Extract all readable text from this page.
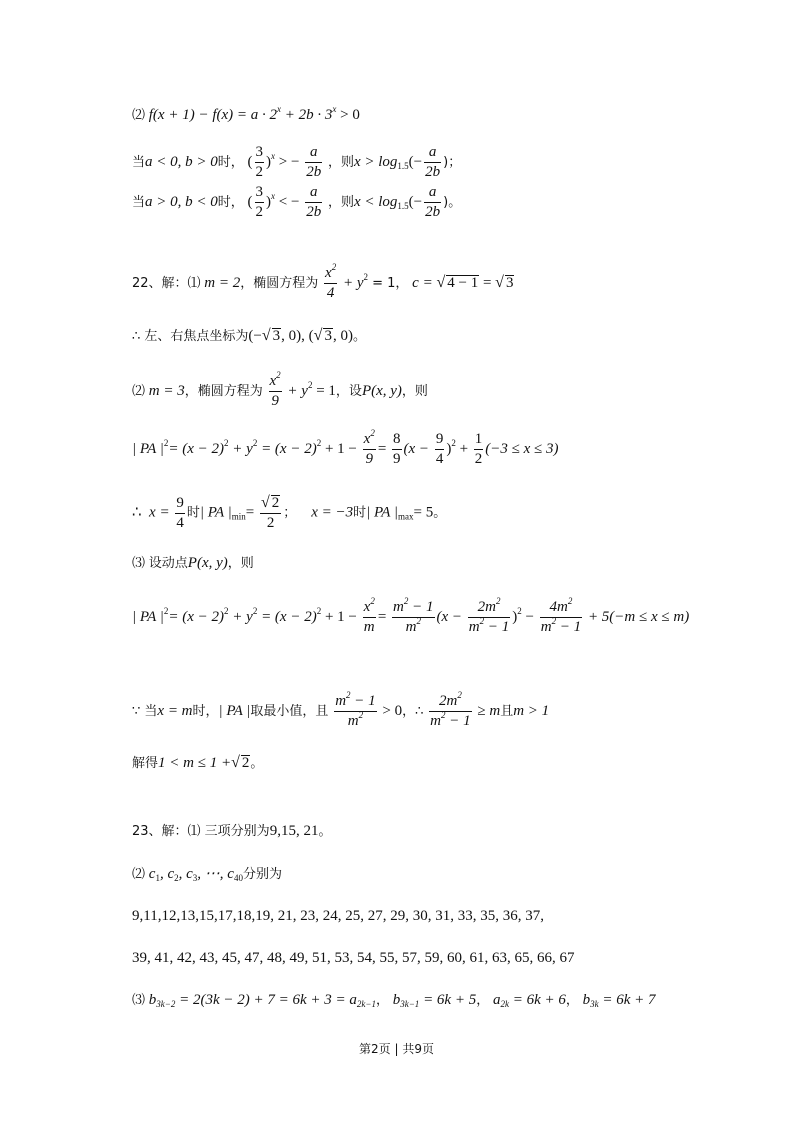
⑵ $f(x + 1) - f(x) = a \cdot 2^x + 2b \cdot 3^x > 0$
当a < 0, b > 0时， ( $\frac{3}{2} )^x$ > − $\frac{a}{2b}$ ，则$x > \log_{1.5}(- \frac{a}{2b}$ )；
当a > 0, b < 0时， ( $\frac{3}{2} )^x$ < − $\frac{a}{2b}$ ，则$x < \log_{1.5}(- \frac{a}{2b}$ )。
22、解：⑴ m = 2，椭圆方程为 $\frac{x^2}{4} + y^2 = 1$， c = √ 4 − 1 = √ 3
∴ 左、右焦点坐标为(−√ 3, 0), (√ 3, 0)。
⑵ m = 3，椭圆方程为 $\frac{x^2}{9} + y^2 = 1$，设P(x, y)，则
| PA $|^2= (x - 2)^2 + y^2 = (x - 2)^2 + 1 - \frac{x^2}{9} = \frac{8}{9} (x - \frac{9}{4} )^2 + \frac{1}{2} (-3 \le x \le 3)$
∴ $x = \frac{9}{4}$ 时| PA $|_{min}= \frac{√ 2}{2}$ ； x = −3时| PA $|_{max}= 5$。
⑶ 设动点P(x, y)，则
| PA $|^2= (x - 2)^2 + y^2 = (x - 2)^2 + 1 - \frac{x^2}{m} = \frac{m^2 - 1}{m^2} (x - \frac{2m^2}{m^2 - 1} )^2 - \frac{4m^2}{m^2 - 1} + 5(-m \le x \le m)$
∵ 当x = m时，| PA |取最小值，且 $\frac{m^2 - 1}{m^2} > 0$，∴ $\frac{2m^2}{m^2 - 1} \ge m$且m > 1
解得1 < m ≤ 1 +√ 2。
23、解：⑴ 三项分别为9,15, 21。
⑵ $c_1$, $c_2$, $c_3$, ⋯, $c_{40}$分别为
9,11,12,13,15,17,18,19, 21, 23, 24, 25, 27, 29, 30, 31, 33, 35, 36, 37,
39, 41, 42, 43, 45, 47, 48, 49, 51, 53, 54, 55, 57, 59, 60, 61, 63, 65, 66, 67
⑶ $b_{3k-2} = 2(3k - 2) + 7 = 6k + 3 = a_{2k-1}$， $b_{3k-1} = 6k + 5$， $a_{2k} = 6k + 6$， $b_{3k} = 6k + 7$
第2页 | 共9页
